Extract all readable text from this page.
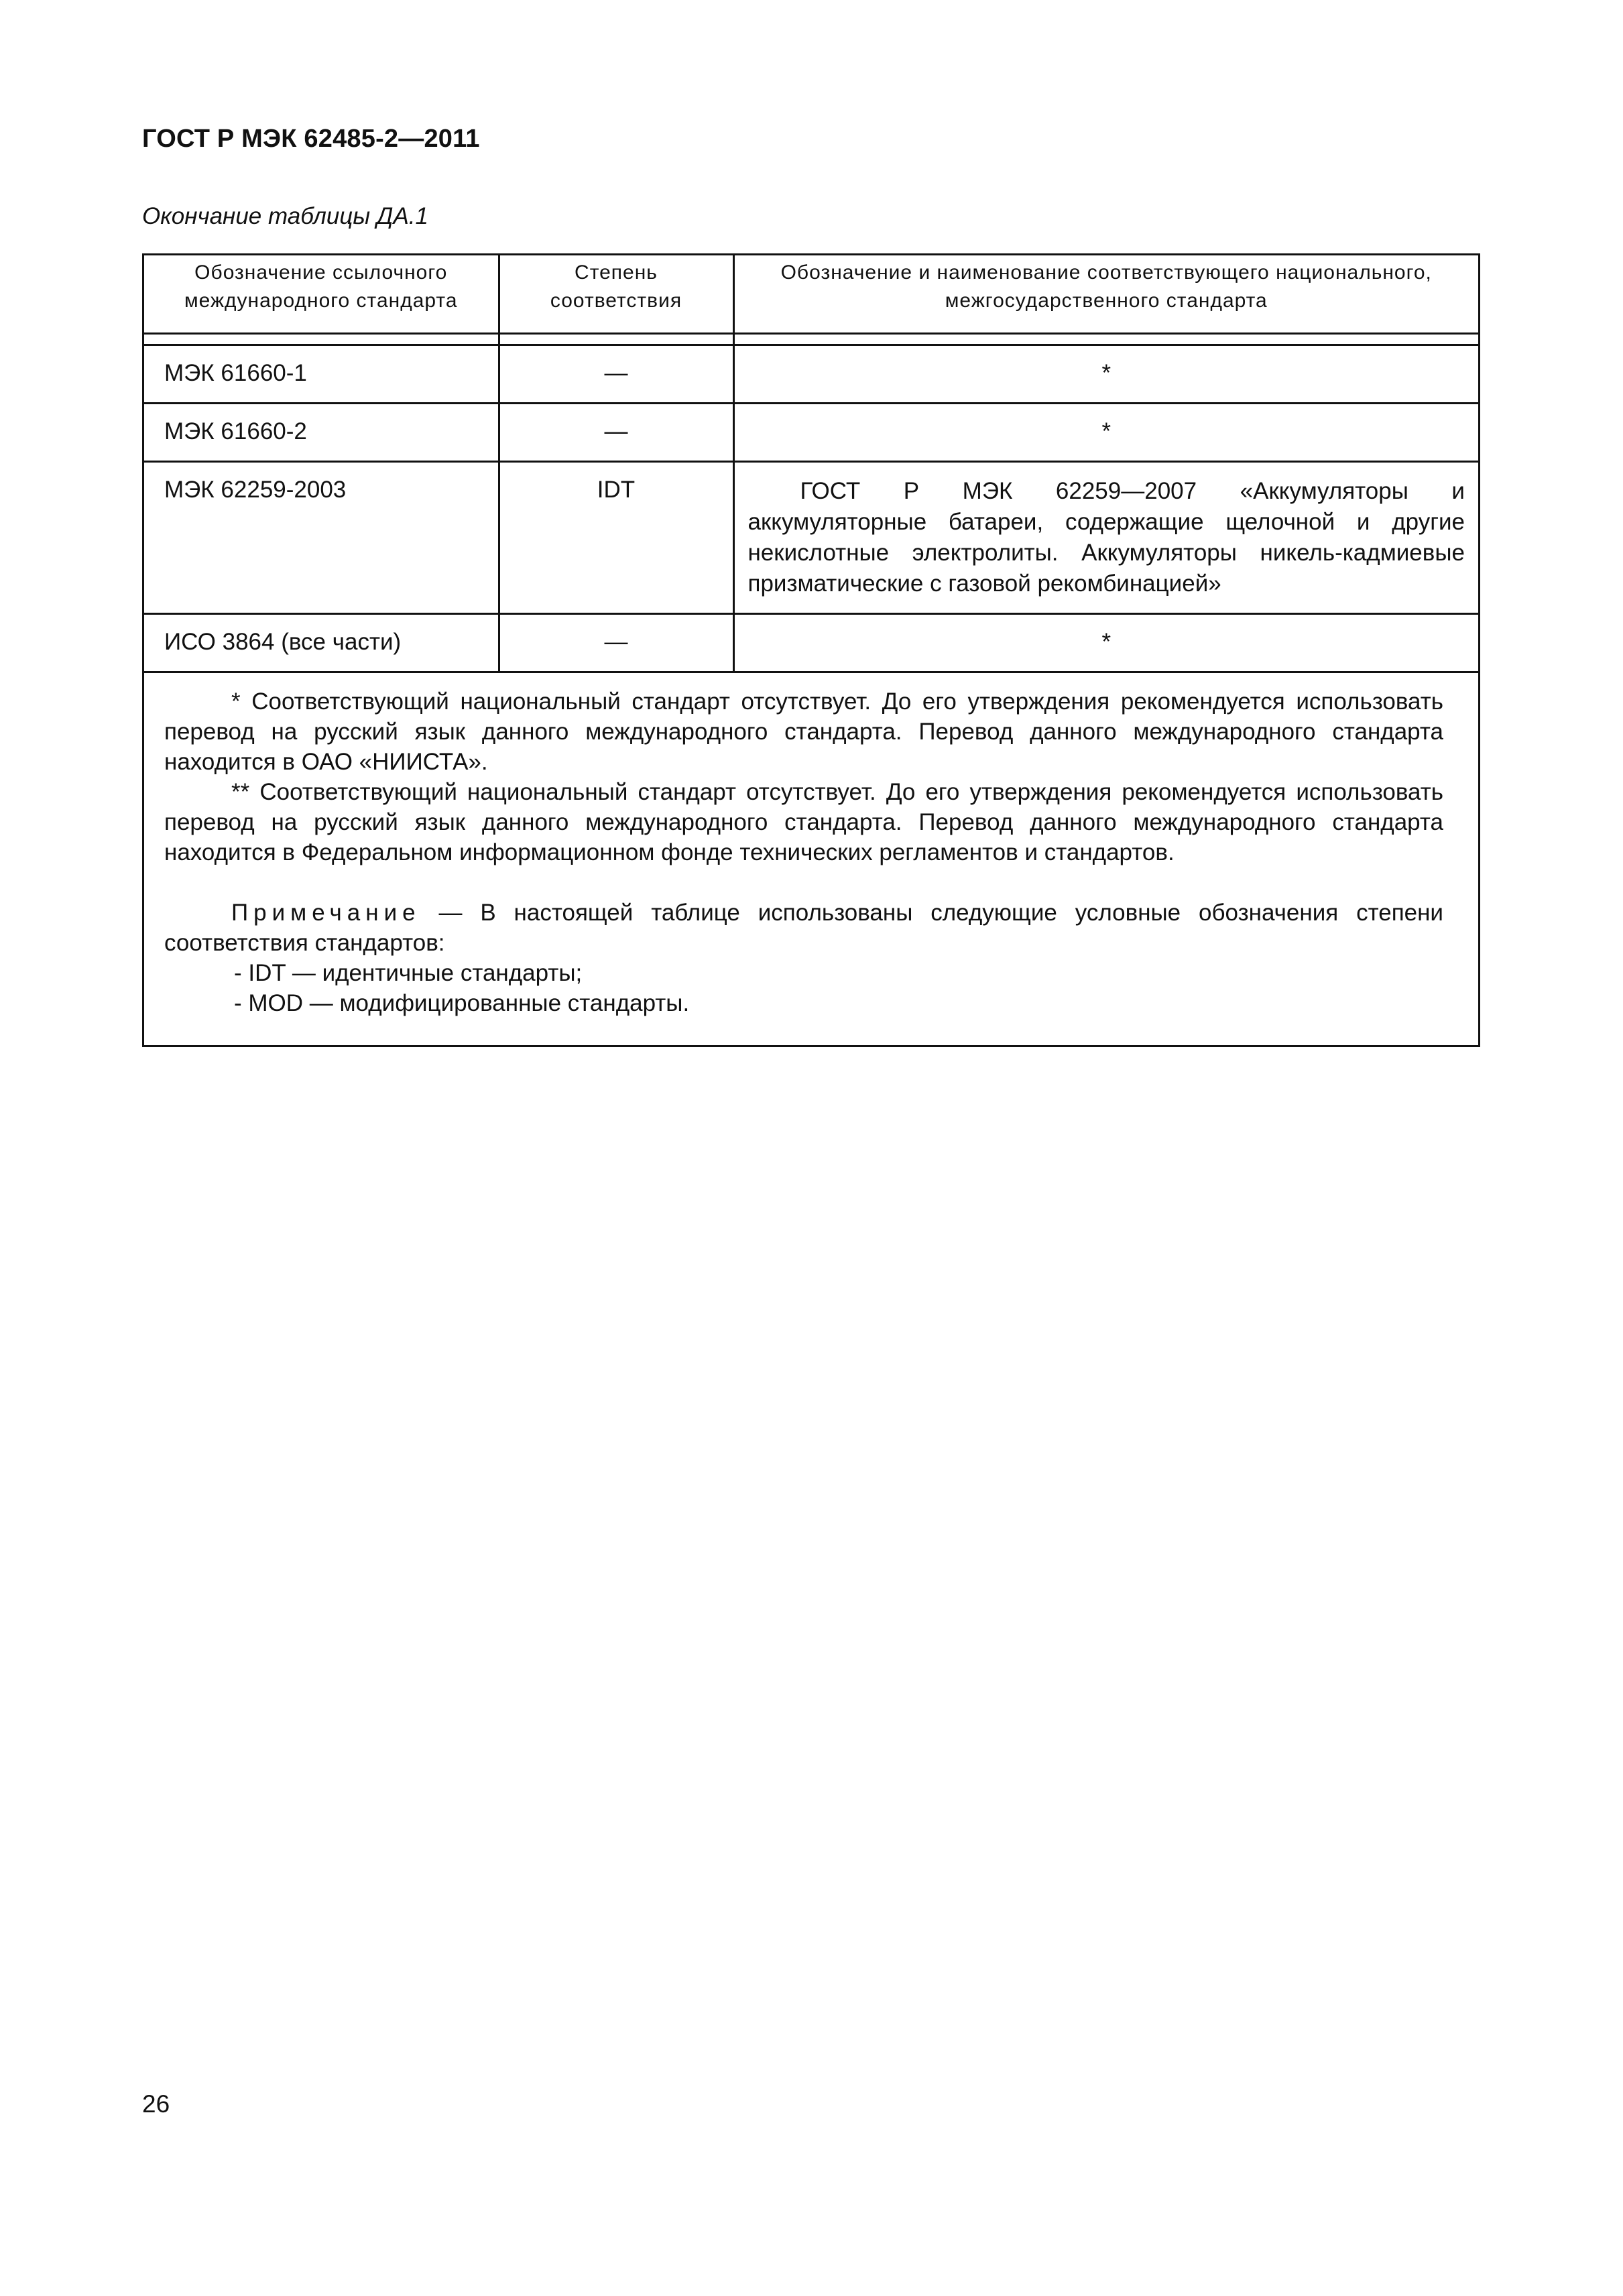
ГОСТ Р МЭК 62485-2—2011
Окончание таблицы ДА.1
Обозначение ссылочного международного стандарта	Степень соответствия	Обозначение и наименование соответствующего национального, межгосударственного стандарта

МЭК 61660-1	—	*
МЭК 61660-2	—	*
МЭК 62259-2003	IDT	ГОСТ Р МЭК 62259—2007 «Аккумуляторы и аккумуляторные батареи, содержащие щелочной и другие некислотные электролиты. Аккумуляторы никель-кадмиевые призматические с газовой рекомбинацией»
ИСО 3864 (все части)	—	*

* Соответствующий национальный стандарт отсутствует. До его утверждения рекомендуется использовать перевод на русский язык данного международного стандарта. Перевод данного международного стандарта находится в ОАО «НИИСТА».

** Соответствующий национальный стандарт отсутствует. До его утверждения рекомендуется использовать перевод на русский язык данного международного стандарта. Перевод данного международного стандарта находится в Федеральном информационном фонде технических регламентов и стандартов.

Примечание — В настоящей таблице использованы следующие условные обозначения степени соответствия стандартов:

- IDT — идентичные стандарты;

- MOD — модифицированные стандарты.

26
